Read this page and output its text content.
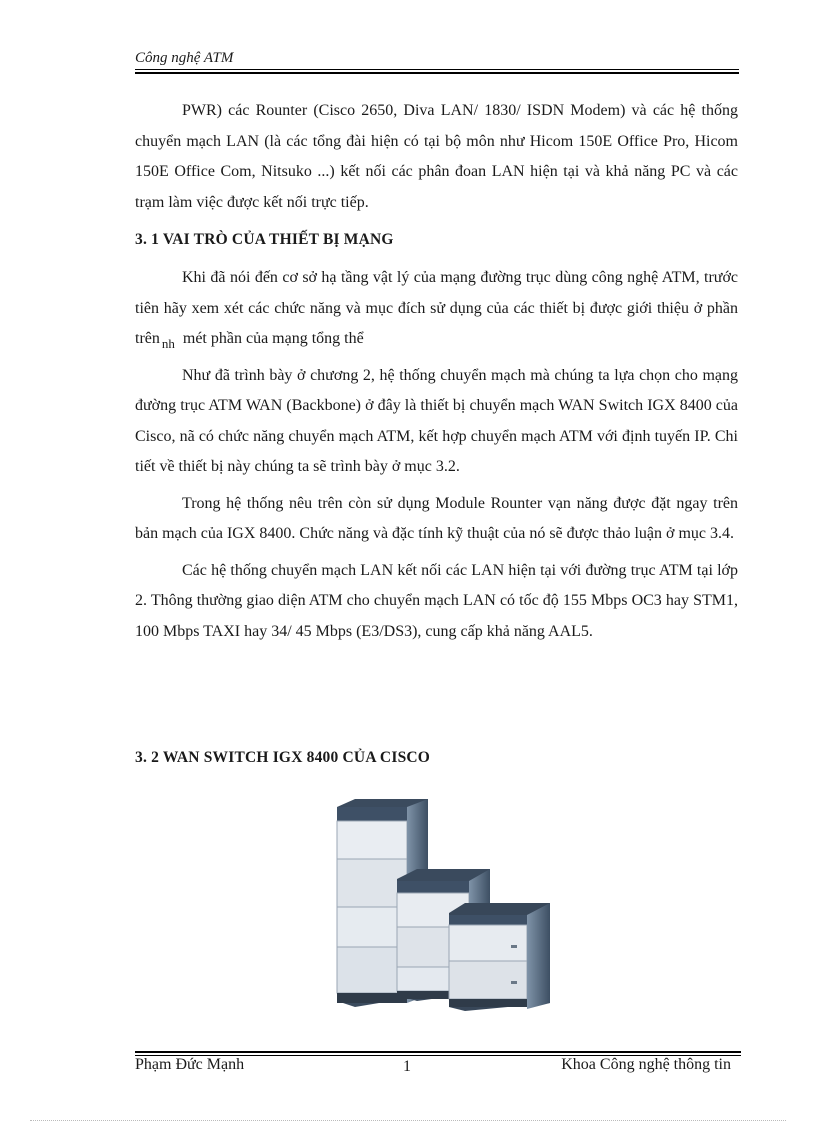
Công nghệ ATM

PWR) các Rounter (Cisco 2650, Diva LAN/ 1830/ ISDN Modem) và các hệ thống chuyển mạch LAN (là các tổng đài hiện có tại bộ môn như Hicom 150E Office Pro, Hicom 150E Office Com, Nitsuko ...) kết nối các phân đoan LAN hiện tại và khả năng PC và các trạm làm việc được kết nối trực tiếp.

3. 1 VAI TRÒ CỦA THIẾT BỊ MẠNG

Khi đã nói đến cơ sở hạ tầng vật lý của mạng đường trục dùng công nghệ ATM, trước tiên hãy xem xét các chức năng và mục đích sử dụng của các thiết bị được giới thiệu ở phần trên $_{nh}$ mét phần của mạng tổng thể

Như đã trình bày ở chương 2, hệ thống chuyển mạch mà chúng ta lựa chọn cho mạng đường trục ATM WAN (Backbone) ở đây là thiết bị chuyển mạch WAN Switch IGX 8400 của Cisco, nã có chức năng chuyển mạch ATM, kết hợp chuyển mạch ATM với định tuyến IP. Chi tiết về thiết bị này chúng ta sẽ trình bày ở mục 3.2.

Trong hệ thống nêu trên còn sử dụng Module Rounter vạn năng được đặt ngay trên bản mạch của IGX 8400. Chức năng và đặc tính kỹ thuật của nó sẽ được thảo luận ở mục 3.4.

Các hệ thống chuyển mạch LAN kết nối các LAN hiện tại với đường trục ATM tại lớp 2. Thông thường giao diện ATM cho chuyển mạch LAN có tốc độ 155 Mbps OC3 hay STM1, 100 Mbps TAXI hay 34/ 45 Mbps (E3/DS3), cung cấp khả năng AAL5.

3. 2 WAN SWITCH IGX 8400 CỦA CISCO
Phạm Đức Mạnh	1	Khoa Công nghệ thông tin
